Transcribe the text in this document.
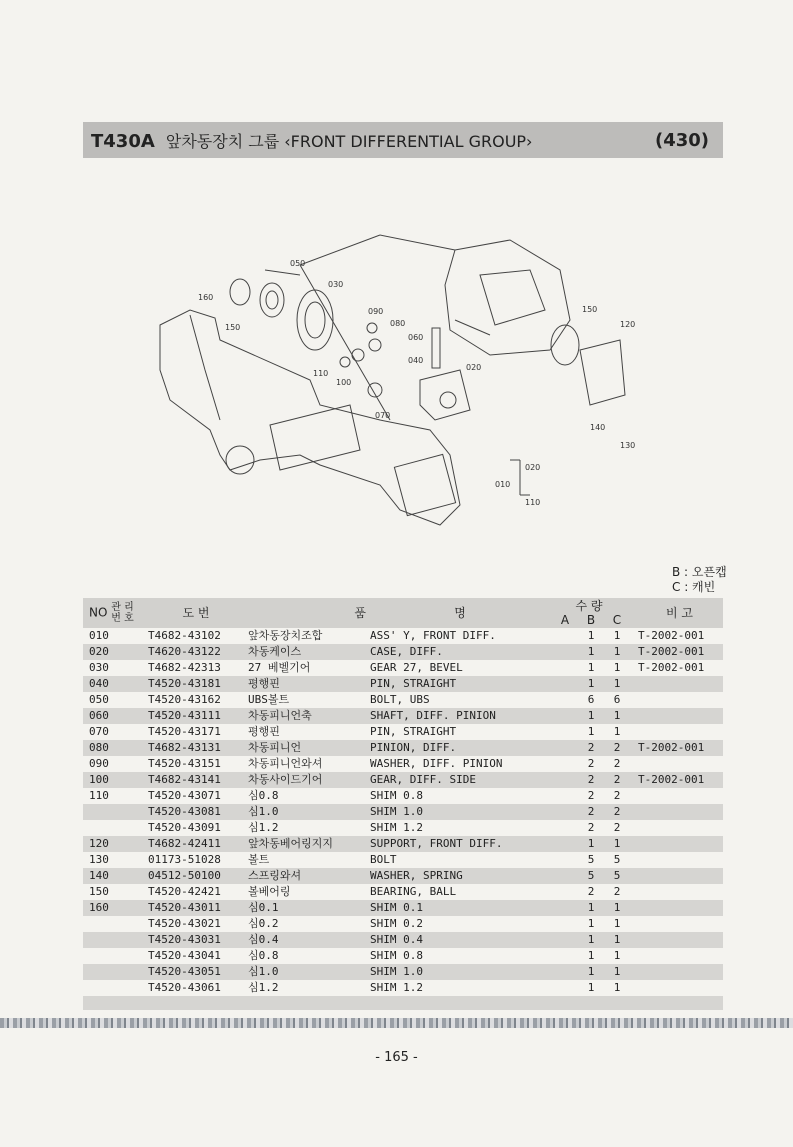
T430A 앞차동장치 그룹 ‹FRONT DIFFERENTIAL GROUP›	(430)
050
030
160
150
090
080
060
040
110
100
020
070
150
120
140
130
020
010
110
B : 오픈캡
C : 캐빈
NO 관 리
번 호	도 번	품	명	A	수 량
B	C	비 고
010	T4682-43102	앞차동장치조합	ASS' Y, FRONT DIFF.		1	1	T-2002-001
020	T4620-43122	차동케이스	CASE, DIFF.		1	1	T-2002-001
030	T4682-42313	27 베벨기어	GEAR 27, BEVEL		1	1	T-2002-001
040	T4520-43181	평행핀	PIN, STRAIGHT		1	1	
050	T4520-43162	UBS볼트	BOLT, UBS		6	6	
060	T4520-43111	차동피니언축	SHAFT, DIFF. PINION		1	1	
070	T4520-43171	평행핀	PIN, STRAIGHT		1	1	
080	T4682-43131	차동피니언	PINION, DIFF.		2	2	T-2002-001
090	T4520-43151	차동피니언와셔	WASHER, DIFF. PINION		2	2	
100	T4682-43141	차동사이드기어	GEAR, DIFF. SIDE		2	2	T-2002-001
110	T4520-43071	심0.8	SHIM 0.8		2	2	
	T4520-43081	심1.0	SHIM 1.0		2	2	
	T4520-43091	심1.2	SHIM 1.2		2	2	
120	T4682-42411	앞차동베어링지지	SUPPORT, FRONT DIFF.		1	1	
130	01173-51028	볼트	BOLT		5	5	
140	04512-50100	스프링와셔	WASHER, SPRING		5	5	
150	T4520-42421	볼베어링	BEARING, BALL		2	2	
160	T4520-43011	심0.1	SHIM 0.1		1	1	
	T4520-43021	심0.2	SHIM 0.2		1	1	
	T4520-43031	심0.4	SHIM 0.4		1	1	
	T4520-43041	심0.8	SHIM 0.8		1	1	
	T4520-43051	심1.0	SHIM 1.0		1	1	
	T4520-43061	심1.2	SHIM 1.2		1	1	

- 165 -
